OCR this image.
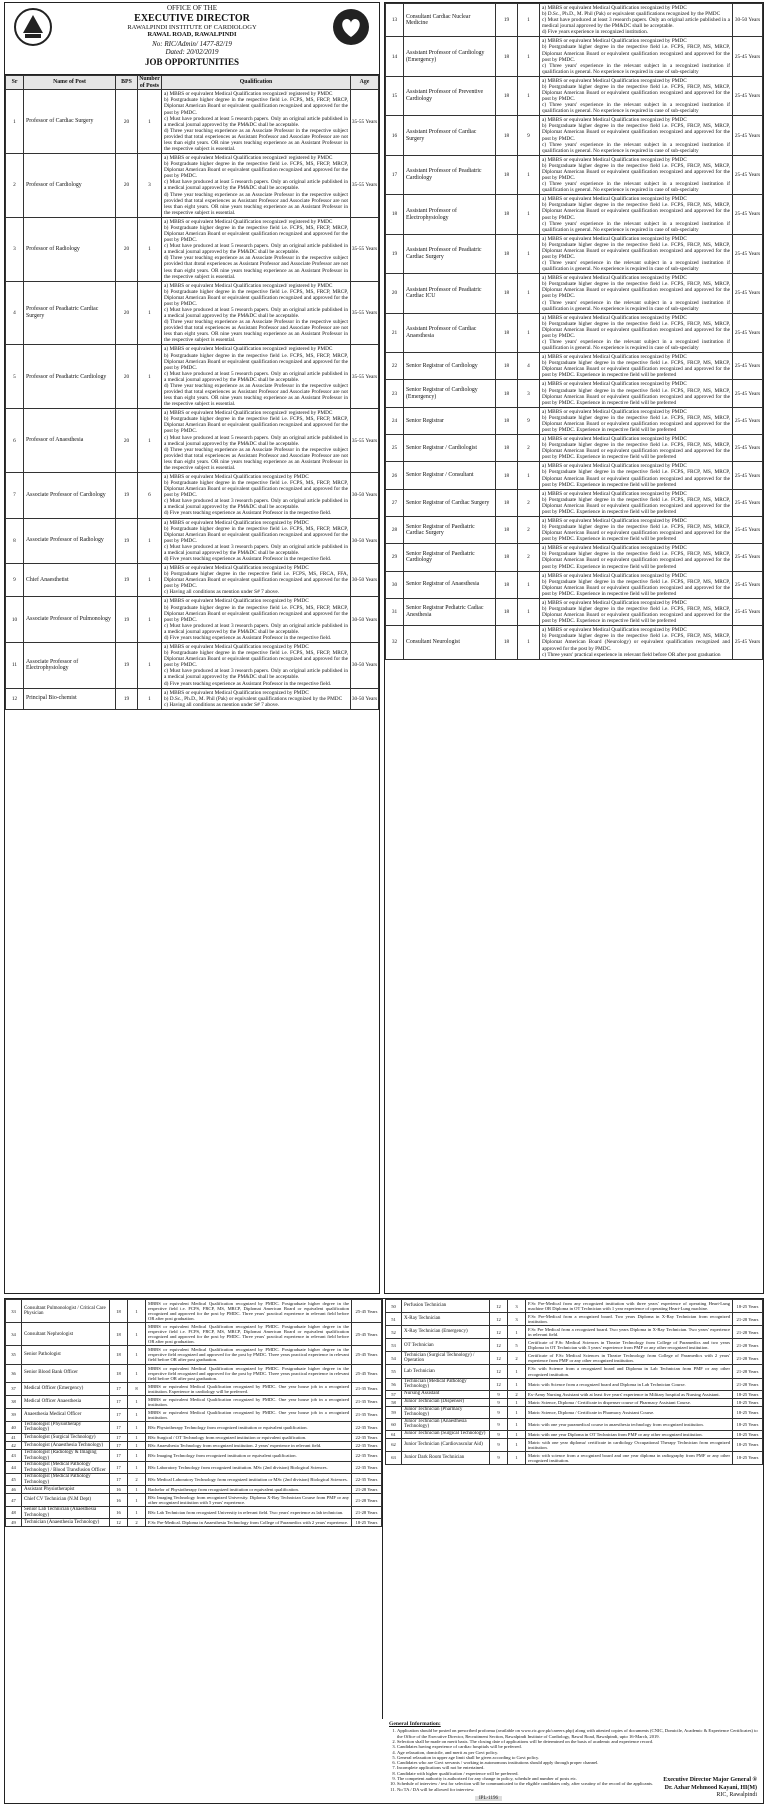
OFFICE OF THE
EXECUTIVE DIRECTOR
RAWALPINDI INSTITUTE OF CARDIOLOGY
RAWAL ROAD, RAWALPINDI
No: RIC/Admin/ 1477-82/19
Dated: 20/02/2019
JOB OPPORTUNITIES
Sr	Name of Post	BPS	Number of Posts	Qualification	Age
1	Professor of Cardiac Surgery	20	1	a) MBBS or equivalent Medical Qualification recognized/ registered by PMDC
b) Postgraduate higher degree in the respective field i.e. FCPS, MS, FRCP, MRCP, Diplomat American Board or equivalent qualification recognized and approved for the post by PMDC.
c) Must have produced at least 5 research papers. Only an original article published in a medical journal approved by the PM&DC shall be acceptable.
d) Three year teaching experience as an Associate Professor in the respective subject provided that total experiences as Assistant Professor and Associate Professor are not less than eight years. OR nine years teaching experience as an Assistant Professor in the respective subject is essential.	35-55 Years
2	Professor of Cardiology	20	3	a) MBBS or equivalent Medical Qualification recognized/ registered by PMDC
b) Postgraduate higher degree in the respective field i.e. FCPS, MS, FRCP, MRCP, Diplomat American Board or equivalent qualification recognized and approved for the post by PMDC.
c) Must have produced at least 5 research papers. Only an original article published in a medical journal approved by the PM&DC shall be acceptable.
d) Three year teaching experience as an Associate Professor in the respective subject provided that total experiences as Assistant Professor and Associate Professor are not less than eight years. OR nine years teaching experience as an Assistant Professor in the respective subject is essential.	35-55 Years
3	Professor of Radiology	20	1	a) MBBS or equivalent Medical Qualification recognized/ registered by PMDC
b) Postgraduate higher degree in the respective field i.e. FCPS, MS, FRCP, MRCP, Diplomat American Board or equivalent qualification recognized and approved for the post by PMDC.
c) Must have produced at least 5 research papers. Only an original article published in a medical journal approved by the PM&DC shall be acceptable.
d) Three year teaching experience as an Associate Professor in the respective subject provided that 4total experiences as Assistant Professor and Associate Professor are not less than eight years. OR nine years teaching experience as an Assistant Professor in the respective subject is essential.	35-55 Years
4	Professor of Peadiatric Cardiac Surgery	20	1	a) MBBS or equivalent Medical Qualification recognized/ registered by PMDC
b) Postgraduate higher degree in the respective field i.e. FCPS, MS, FRCP, MRCP, Diplomat American Board or equivalent qualification recognized and approved for the post by PMDC.
c) Must have produced at least 5 research papers. Only an original article published in a medical journal approved by the PM&DC shall be acceptable.
d) Three year teaching experience as an Associate Professor in the respective subject provided that total experiences as Assistant Professor and Associate Professor are not less than eight years. OR nine years teaching experience as an Assistant Professor in the respective subject is essential.	35-55 Years
5	Professor of Peadiatric Cardiology	20	1	a) MBBS or equivalent Medical Qualification recognized/ registered by PMDC
b) Postgraduate higher degree in the respective field i.e. FCPS, MS, FRCP, MRCP, Diplomat American Board or equivalent qualification recognized and approved for the post by PMDC.
c) Must have produced at least 5 research papers. Only an original article published in a medical journal approved by the PM&DC shall be acceptable.
d) Three year teaching experience as an Associate Professor in the respective subject provided that total experiences as Assistant Professor and Associate Professor are not less than eight years. OR nine years teaching experience as an Assistant Professor in the respective subject is essential.	35-55 Years
6	Professor of Anaesthesia	20	1	a) MBBS or equivalent Medical Qualification recognized/ registered by PMDC
b) Postgraduate higher degree in the respective field i.e. FCPS, MS, FRCP, MRCP, Diplomat American Board or equivalent qualification recognized and approved for the post by PMDC.
c) Must have produced at least 5 research papers. Only an original article published in a medical journal approved by the PM&DC shall be acceptable.
d) Three year teaching experience as an Associate Professor in the respective subject provided that total experiences as Assistant Professor and Associate Professor are not less than eight years. OR nine years teaching experience as an Assistant Professor in the respective subject is essential.	35-55 Years
7	Associate Professor of Cardiology	19	6	a) MBBS or equivalent Medical Qualification recognized by PMDC
b) Postgraduate higher degree in the respective field i.e. FCPS, MS, FRCP, MRCP, Diplomat American Board or equivalent qualification recognized and approved for the post by PMDC.
c) Must have produced at least 3 research papers. Only an original article published in a medical journal approved by the PM&DC shall be acceptable.
d) Five years teaching experience as Assistant Professor in the respective field.	30-50 Years
8	Associate Professor of Radiology	19	1	a) MBBS or equivalent Medical Qualification recognized by PMDC
b) Postgraduate higher degree in the respective field i.e. FCPS, MS, FRCP, MRCP, Diplomat American Board or equivalent qualification recognized and approved for the post by PMDC.
c) Must have produced at least 3 research papers. Only an original article published in a medical journal approved by the PM&DC shall be acceptable.
d) Five years teaching experience as Assistant Professor in the respective field.	30-50 Years
9	Chief Anaesthetist	19	1	a) MBBS or equivalent Medical Qualification recognized by PMDC
b) Postgraduate higher degree in the respective field i.e. FCPS, MS, FRCA, FFA, Diplomat American Board or equivalent qualification recognized and approved for the post by PMDC.
c) Having all conditions as mention under S# 7 above.	30-50 Years
10	Associate Professor of Pulmonology	19	1	a) MBBS or equivalent Medical Qualification recognized by PMDC
b) Postgraduate higher degree in the respective field i.e. FCPS, MS, FRCP, MRCP, Diplomat American Board or equivalent qualification recognized and approved for the post by PMDC.
c) Must have produced at least 3 research papers. Only an original article published in a medical journal approved by the PM&DC shall be acceptable.
d) Five years teaching experience as Assistant Professor in the respective field.	30-50 Years
11	Associate Professor of Electrophysiology	19	1	a) MBBS or equivalent Medical Qualification recognized by PMDC
b) Postgraduate higher degree in the respective field i.e. FCPS, MS, FRCP, MRCP, Diplomat American Board or equivalent qualification recognized and approved for the post by PMDC.
c) Must have produced at least 3 research papers. Only an original article published in a medical journal approved by the PM&DC shall be acceptable.
d) Five years teaching experience as Assistant Professor in the respective field.	30-50 Years
12	Principal Bio-chemist	19	1	a) MBBS or equivalent Medical Qualification recognized by PMDC
b) D.Sc., Ph.D., M. Phil (Pak) or equivalent qualifications recognized by the PMDC
c) Having all conditions as mention under S# 7 above.	30-50 Years
13	Consultant Cardiac Nuclear Medicine	19	1	a) MBBS or equivalent Medical Qualification recognized by PMDC
b) D.Sc., Ph.D., M. Phil (Pak) or equivalent qualifications recognized by the PMDC
c) Must have produced at least 3 research papers. Only an original article published in a medical journal approved by the PM&DC shall be acceptable.
d) Five years experience in recognized institution.	30-50 Years
14	Assistant Professor of Cardiology (Emergency)	18	1	a) MBBS or equivalent Medical Qualification recognized by PMDC
b) Postgraduate higher degree in the respective field i.e. FCPS, FRCP, MS, MRCP, Diplomat American Board or equivalent qualification recognized and approved for the post by PMDC.
c) Three years' experience in the relevant subject in a recognized institution if qualification is general. No experience is required in case of sub-specialty	25-45 Years
15	Assistant Professor of Preventive Cardiology	18	1	a) MBBS or equivalent Medical Qualification recognized by PMDC
b) Postgraduate higher degree in the respective field i.e. FCPS, FRCP, MS, MRCP, Diplomat American Board or equivalent qualification recognized and approved for the post by PMDC.
c) Three years' experience in the relevant subject in a recognized institution if qualification is general. No experience is required in case of sub-specialty	25-45 Years
16	Assistant Professor of Cardiac Surgery	18	9	a) MBBS or equivalent Medical Qualification recognized by PMDC
b) Postgraduate higher degree in the respective field i.e. FCPS, FRCP, MS, MRCP, Diplomat American Board or equivalent qualification recognized and approved for the post by PMDC.
c) Three years' experience in the relevant subject in a recognized institution if qualification is general. No experience is required in case of sub-specialty	25-45 Years
17	Assistant Professor of Peadiatric Cardiology	18	1	a) MBBS or equivalent Medical Qualification recognized by PMDC
b) Postgraduate higher degree in the respective field i.e. FCPS, FRCP, MS, MRCP, Diplomat American Board or equivalent qualification recognized and approved for the post by PMDC.
c) Three years' experience in the relevant subject in a recognized institution if qualification is general. No experience is required in case of sub-specialty	25-45 Years
18	Assistant Professor of Electrophysiology	18	1	a) MBBS or equivalent Medical Qualification recognized by PMDC
b) Postgraduate higher degree in the respective field i.e. FCPS, FRCP, MS, MRCP, Diplomat American Board or equivalent qualification recognized and approved for the post by PMDC.
c) Three years' experience in the relevant subject in a recognized institution if qualification is general. No experience is required in case of sub-specialty	25-45 Years
19	Assistant Professor of Peadiatric Cardiac Surgery	18	1	a) MBBS or equivalent Medical Qualification recognized by PMDC
b) Postgraduate higher degree in the respective field i.e. FCPS, FRCP, MS, MRCP, Diplomat American Board or equivalent qualification recognized and approved for the post by PMDC.
c) Three years' experience in the relevant subject in a recognized institution if qualification is general. No experience is required in case of sub-specialty	25-45 Years
20	Assistant Professor of Peadiatric Cardiac ICU	18	1	a) MBBS or equivalent Medical Qualification recognized by PMDC
b) Postgraduate higher degree in the respective field i.e. FCPS, FRCP, MS, MRCP, Diplomat American Board or equivalent qualification recognized and approved for the post by PMDC.
c) Three years' experience in the relevant subject in a recognized institution if qualification is general. No experience is required in case of sub-specialty	25-45 Years
21	Assistant Professor of Cardiac Anaesthesia	18	1	a) MBBS or equivalent Medical Qualification recognized by PMDC
b) Postgraduate higher degree in the respective field i.e. FCPS, FRCP, MS, MRCP, Diplomat American Board or equivalent qualification recognized and approved for the post by PMDC.
c) Three years' experience in the relevant subject in a recognized institution if qualification is general. No experience is required in case of sub-specialty	25-45 Years
22	Senior Registrar of Cardiology	18	4	a) MBBS or equivalent Medical Qualification recognized by PMDC
b) Postgraduate higher degree in the respective field i.e. FCPS, FRCP, MS, MRCP, Diplomat American Board or equivalent qualification recognized and approved for the post by PMDC. Experience in respective field will be preferred	25-45 Years
23	Senior Registrar of Cardiology (Emergency)	18	3	a) MBBS or equivalent Medical Qualification recognized by PMDC
b) Postgraduate higher degree in the respective field i.e. FCPS, FRCP, MS, MRCP, Diplomat American Board or equivalent qualification recognized and approved for the post by PMDC. Experience in respective field will be preferred	25-45 Years
24	Senior Registrar	18	9	a) MBBS or equivalent Medical Qualification recognized by PMDC
b) Postgraduate higher degree in the respective field i.e. FCPS, FRCP, MS, MRCP, Diplomat American Board or equivalent qualification recognized and approved for the post by PMDC. Experience in respective field will be preferred	25-45 Years
25	Senior Registrar / Cardiologist	18	2	a) MBBS or equivalent Medical Qualification recognized by PMDC
b) Postgraduate higher degree in the respective field i.e. FCPS, FRCP, MS, MRCP, Diplomat American Board or equivalent qualification recognized and approved for the post by PMDC. Experience in respective field will be preferred	25-45 Years
26	Senior Registrar / Consultant	18	1	a) MBBS or equivalent Medical Qualification recognized by PMDC
b) Postgraduate higher degree in the respective field i.e. FCPS, FRCP, MS, MRCP, Diplomat American Board or equivalent qualification recognized and approved for the post by PMDC. Experience in respective field will be preferred	25-45 Years
27	Senior Registrar of Cardiac Surgery	18	2	a) MBBS or equivalent Medical Qualification recognized by PMDC
b) Postgraduate higher degree in the respective field i.e. FCPS, FRCP, MS, MRCP, Diplomat American Board or equivalent qualification recognized and approved for the post by PMDC. Experience in respective field will be preferred	25-45 Years
28	Senior Registrar of Paediatric Cardiac Surgery	18	2	a) MBBS or equivalent Medical Qualification recognized by PMDC
b) Postgraduate higher degree in the respective field i.e. FCPS, FRCP, MS, MRCP, Diplomat American Board or equivalent qualification recognized and approved for the post by PMDC. Experience in respective field will be preferred	25-45 Years
29	Senior Registrar of Paediatric Cardiology	18	2	a) MBBS or equivalent Medical Qualification recognized by PMDC
b) Postgraduate higher degree in the respective field i.e. FCPS, FRCP, MS, MRCP, Diplomat American Board or equivalent qualification recognized and approved for the post by PMDC. Experience in respective field will be preferred	25-45 Years
30	Senior Registrar of Anaesthesia	18	1	a) MBBS or equivalent Medical Qualification recognized by PMDC
b) Postgraduate higher degree in the respective field i.e. FCPS, FRCP, MS, MRCP, Diplomat American Board or equivalent qualification recognized and approved for the post by PMDC. Experience in respective field will be preferred	25-45 Years
31	Senior Registrar Pediatric Cadiac Anesthesia	18	1	a) MBBS or equivalent Medical Qualification recognized by PMDC
b) Postgraduate higher degree in the respective field i.e. FCPS, FRCP, MS, MRCP, Diplomat American Board or equivalent qualification recognized and approved for the post by PMDC. Experience in respective field will be preferred	25-45 Years
32	Consultant Neurologist	18	1	a) MBBS or equivalent Medical Qualification recognized by PMDC
b) Postgraduate higher degree in the respective field i.e. FCPS, FRCP, MS, MRCP, Diplomat American Board (Neurology) or equivalent qualification recognized and approved for the post by PMDC.
c) Three years' practical experience in relevant field before OR after post graduation	25-45 Years
33	Consultant Pulmonologist / Critical Care Physician	18	1	MBBS or equivalent Medical Qualification recognized by PMDC. Postgraduate higher degree in the respective field i.e. FCPS, FRCP, MS, MRCP, Diplomat American Board or equivalent qualification recognized and approved for the post by PMDC. Three years' practical experience in relevant field before OR after post graduation.	25-45 Years
34	Consultant Nephrologist	18	1	MBBS or equivalent Medical Qualification recognized by PMDC. Postgraduate higher degree in the respective field i.e. FCPS, FRCP, MS, MRCP, Diplomat American Board or equivalent qualification recognized and approved for the post by PMDC. Three years' practical experience in relevant field before OR after post graduation.	25-45 Years
35	Senior Pathologist	18	1	MBBS or equivalent Medical Qualification recognized by PMDC. Postgraduate higher degree in the respective field recognized and approved for the post by PMDC. Three years practical experience in relevant field before OR after post graduation.	25-45 Years
36	Senior Blood Bank Officer	18	1	MBBS or equivalent Medical Qualification recognized by PMDC. Postgraduate higher degree in the respective field recognized and approved for the post by PMDC. Three years practical experience in relevant field before OR after post graduation.	25-45 Years
37	Medical Officer (Emergency)	17	8	MBBS or equivalent Medical Qualification recognized by PMDC. One year house job in a recognized institution. Experience in cardiology will be preferred.	21-35 Years
38	Medical Officer Anaesthesia	17	1	MBBS or equivalent Medical Qualification recognized by PMDC. One year house job in a recognized institution.	21-35 Years
39	Anaesthesia Medical Officer	17	1	MBBS or equivalent Medical Qualification recognized by PMDC. One year house job in a recognized institution.	21-35 Years
40	Technologist (Physiotherapy Technology)	17	1	BSc Physiotherapy Technology from recognized institution or equivalent qualification.	22-35 Years
41	Technologist (Surgical Technology)	17	1	BSc Surgical / OT Technology from recognized institution or equivalent qualification.	22-35 Years
42	Technologist (Anaesthesia Technology)	17	1	BSc Anaesthesia Technology from recognized institution. 2 years' experience in relevant field.	22-35 Years
43	Technologist (Radiology & Imaging Technology)	17	1	BSc Imaging Technology from recognized institution or equivalent qualification.	22-35 Years
44	Technologist (Medical Pathology Technology) / Blood Transfusion Officer	17	1	BSc Laboratory Technology from recognized institution. MSc (2nd division) Biological Sciences.	22-35 Years
45	Technologist (Medical Pathology Technology)	17	2	BSc Medical Laboratory Technology from recognized institution or MSc (2nd division) Biological Sciences.	22-35 Years
46	Assistant Physiotherapist	16	1	Bachelor of Physiotherapy from recognized institution or equivalent qualification.	21-28 Years
47	Chief CV Technician (N.M Dept)	16	1	BSc Imaging Technology from recognized University. Diploma X-Ray Technician Course from PMF or any other recognized institution with 5 years' experience.	21-28 Years
48	Senior Lab Technician (Anaesthesia Technology)	16	1	BSc Lab Technician from recognized University in relevant field. Two years' experience as lab technician.	21-28 Years
49	Technician (Anaesthesia Technology)	12	2	F.Sc Pre-Medical. Diploma in Anaesthesia Technology from College of Paramedics with 2 years' experience.	18-25 Years
50	Perfusion Technician	12	3	F.Sc Pre-Medical from any recognized institution with three years' experience of operating Heart-Lung machine OR Diploma in OT Technician with 1 year experience of operating Heart-Lung machine.	18-25 Years
51	X-Ray Technician	12	3	F.Sc Pre-Medical from a recognized board. Two years Diploma in X-Ray Technician from recognized institution.	21-28 Years
52	X-Ray Technician (Emergency)	12	1	F.Sc Pre Medical from a recognized board. Two years Diploma in X-Ray Technician. Two years' experience in relevant field.	21-28 Years
53	OT Technician	12	5	Certificate of F.Sc Medical Sciences in Theatre Technology from College of Paramedics and two years Diploma in OT Technician with 3 years' experience from PMF or any other recognized institution.	21-28 Years
54	Technician (Surgical Technology) / Operation	12	2	Certificate of F.Sc Medical Sciences in Theatre Technology from College of Paramedics with 2 years' experience from PMF or any other recognized institution.	21-28 Years
55	Lab Technician	12	1	F.Sc with Science from a recognized board and Diploma in Lab Technician from PMF or any other recognized institution.	21-28 Years
56	Technician (Medical Pathology Technology)	12	1	Matric with Science from a recognized board and Diploma in Lab Technician Course.	21-28 Years
57	Nursing Assistant	9	2	Ex-Army Nursing Assistant with at least five years' experience in Military hospital as Nursing Assistant.	18-25 Years
58	Junior Technician (Dispenser)	9	1	Matric Science, Diploma / Certificate in dispenser course of Pharmacy Assistant Course.	18-25 Years
59	Junior Technician (Pharmacy Technology)	9	1	Matric Science, Diploma / Certificate in Pharmacy Assistant Course.	18-25 Years
60	Junior Technician (Anaesthesia Technology)	9	1	Matric with one year paramedical course in anaesthesia technology from recognized institution.	18-25 Years
61	Junior Technician (Surgical Technology)	9	1	Matric with one year Diploma in OT Technician from PMF or any other recognized institution.	18-25 Years
62	Junior Technician (Cardiovascular Aid)	9	1	Matric with one year diploma/ certificate in cardiology Occupational Therapy Technician from recognized institution.	18-25 Years
63	Junior Dark Room Technician	9	1	Matric with science from a recognized board and one year diploma in radiography from PMF or any other recognized institution.	18-25 Years
General Information:
1. Application should be posted on prescribed proforma (available on www.ric.gov.pk/careers.php) along with attested copies of documents (CNIC, Domicile, Academic & Experience Certificates) to the Office of the Executive Director, Recruitment Section, Rawalpindi Institute of Cardiology, Rawal Road, Rawalpindi, upto 16-March, 2019.
2. Selection shall be made on merit basis. The closing date of applications will be determined on the basis of academic and experience record.
3. Candidates having experience of cardiac hospitals will be preferred.
4. Age relaxation, domicile, and merit as per Govt policy.
5. General relaxation in upper age limit shall be given according to Govt policy.
6. Candidates who are Govt servants / working in autonomous institutions should apply through proper channel.
7. Incomplete applications will not be entertained.
8. Candidate with higher qualification / experience will be preferred.
9. The competent authority is authorized for any change in policy, schedule and number of posts etc.
10. Schedule of interview / test for selection will be communicated to the eligible candidates only, after scrutiny of the record of the applicants.
11. No TA / DA will be allowed for interview.
Executive Director Major General ®
Dr. Azhar Mehmood Kayani, HI(M)
RIC, Rawalpindi
IPL-1196
